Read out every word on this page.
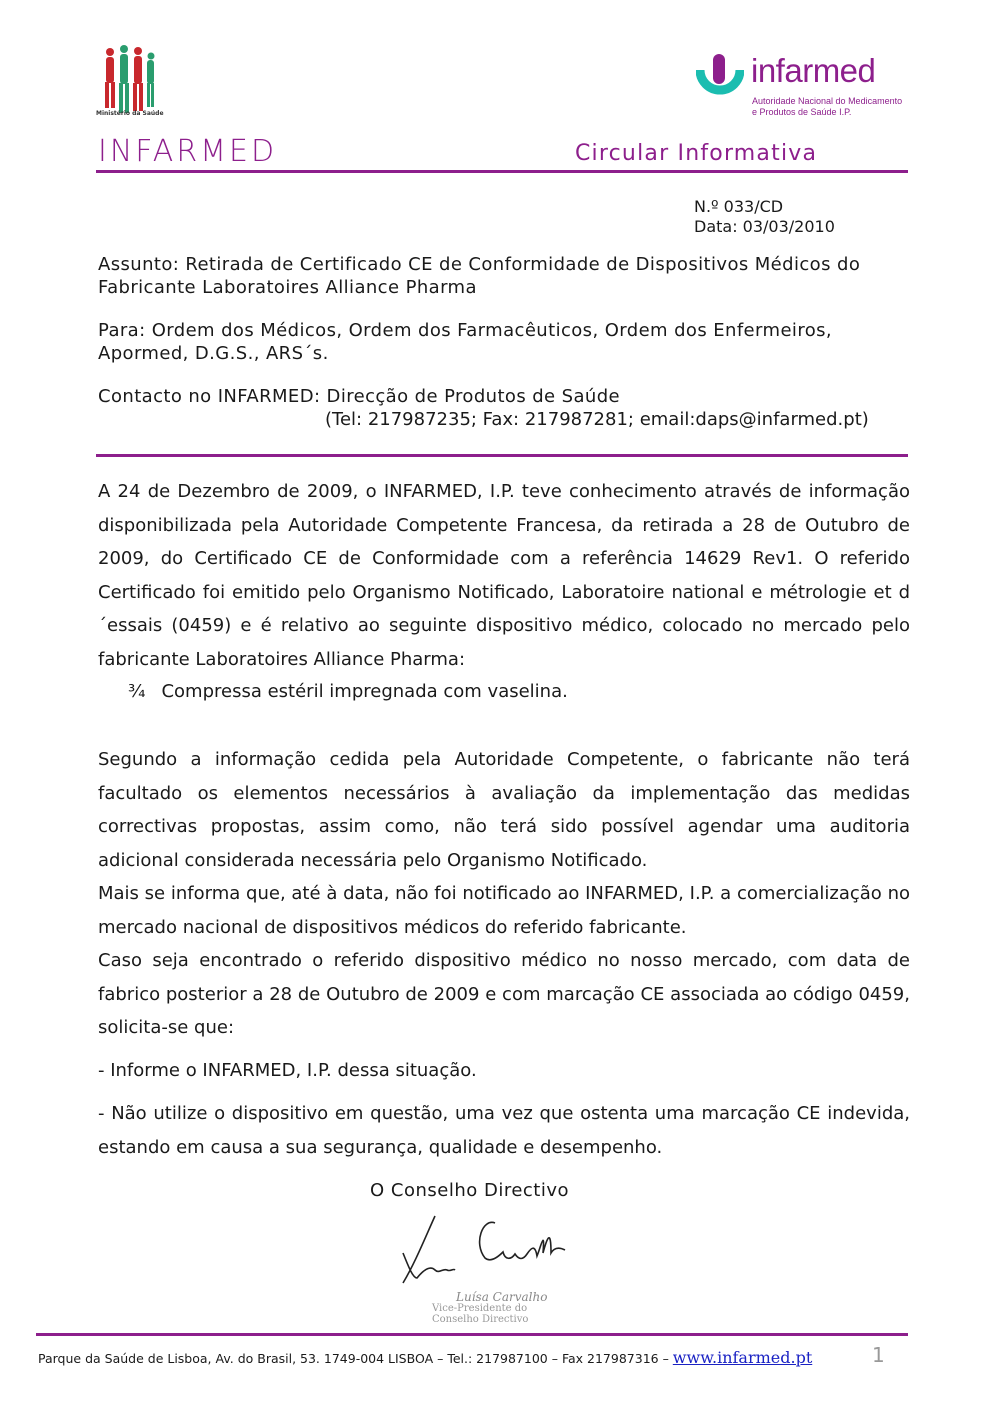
Ministério da Saúde
infarmed
Autoridade Nacional do Medicamento
e Produtos de Saúde I.P.
INFARMED	Circular Informativa
N.º 033/CD
Data: 03/03/2010
Assunto: Retirada de Certificado CE de Conformidade de Dispositivos Médicos do Fabricante Laboratoires Alliance Pharma
Para: Ordem dos Médicos, Ordem dos Farmacêuticos, Ordem dos Enfermeiros, Apormed, D.G.S., ARS´s.
Contacto no INFARMED: Direcção de Produtos de Saúde
(Tel: 217987235; Fax: 217987281; email:daps@infarmed.pt)
A 24 de Dezembro de 2009, o INFARMED, I.P. teve conhecimento através de informação disponibilizada pela Autoridade Competente Francesa, da retirada a 28 de Outubro de 2009, do Certificado CE de Conformidade com a referência 14629 Rev1. O referido Certificado foi emitido pelo Organismo Notificado, Laboratoire national e métrologie et d´essais (0459) e é relativo ao seguinte dispositivo médico, colocado no mercado pelo fabricante Laboratoires Alliance Pharma:
¾ Compressa estéril impregnada com vaselina.
Segundo a informação cedida pela Autoridade Competente, o fabricante não terá facultado os elementos necessários à avaliação da implementação das medidas correctivas propostas, assim como, não terá sido possível agendar uma auditoria adicional considerada necessária pelo Organismo Notificado.
Mais se informa que, até à data, não foi notificado ao INFARMED, I.P. a comercialização no mercado nacional de dispositivos médicos do referido fabricante.
Caso seja encontrado o referido dispositivo médico no nosso mercado, com data de fabrico posterior a 28 de Outubro de 2009 e com marcação CE associada ao código 0459, solicita-se que:
- Informe o INFARMED, I.P. dessa situação.
- Não utilize o dispositivo em questão, uma vez que ostenta uma marcação CE indevida, estando em causa a sua segurança, qualidade e desempenho.
O Conselho Directivo
Luísa Carvalho
Vice-Presidente do
Conselho Directivo
Parque da Saúde de Lisboa, Av. do Brasil, 53. 1749-004 LISBOA – Tel.: 217987100 – Fax 217987316 – www.infarmed.pt	1
